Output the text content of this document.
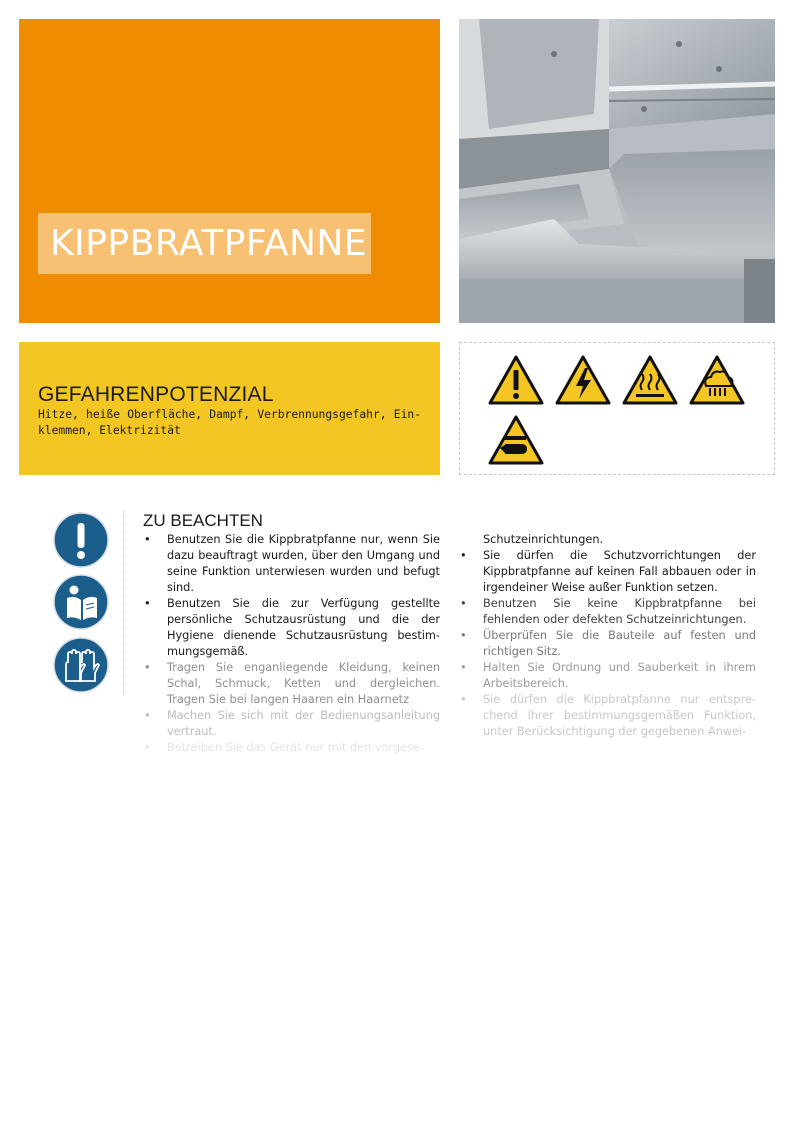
KIPPBRATPFANNE
GEFAHRENPOTENZIAL
Hitze, heiße Oberfläche, Dampf, Verbrennungsgefahr, Einklemmen, Elektrizität
ZU BEACHTEN
• Benutzen Sie die Kippbratpfanne nur, wenn Sie dazu beauftragt wurden, über den Umgang und seine Funktion unterwiesen wurden und befugt sind.
• Benutzen Sie die zur Verfügung gestellte persönliche Schutzausrüstung und die der Hygiene dienende Schutzausrüstung bestimmungsgemäß.
• Tragen Sie enganliegende Kleidung, keinen Schal, Schmuck, Ketten und dergleichen. Tragen Sie bei langen Haaren ein Haarnetz
• Machen Sie sich mit der Bedienungsanleitung vertraut.
• Betreiben Sie das Gerät nur mit den vorgese-
Schutzeinrichtungen.
• Sie dürfen die Schutzvorrichtungen der Kippbratpfanne auf keinen Fall abbauen oder in irgendeiner Weise außer Funktion setzen.
• Benutzen Sie keine Kippbratpfanne bei fehlenden oder defekten Schutzeinrichtungen.
• Überprüfen Sie die Bauteile auf festen und richtigen Sitz.
• Halten Sie Ordnung und Sauberkeit in ihrem Arbeitsbereich.
• Sie dürfen die Kippbratpfanne nur entsprechend ihrer bestimmungsgemäßen Funktion, unter Berücksichtigung der gegebenen Anwei-
